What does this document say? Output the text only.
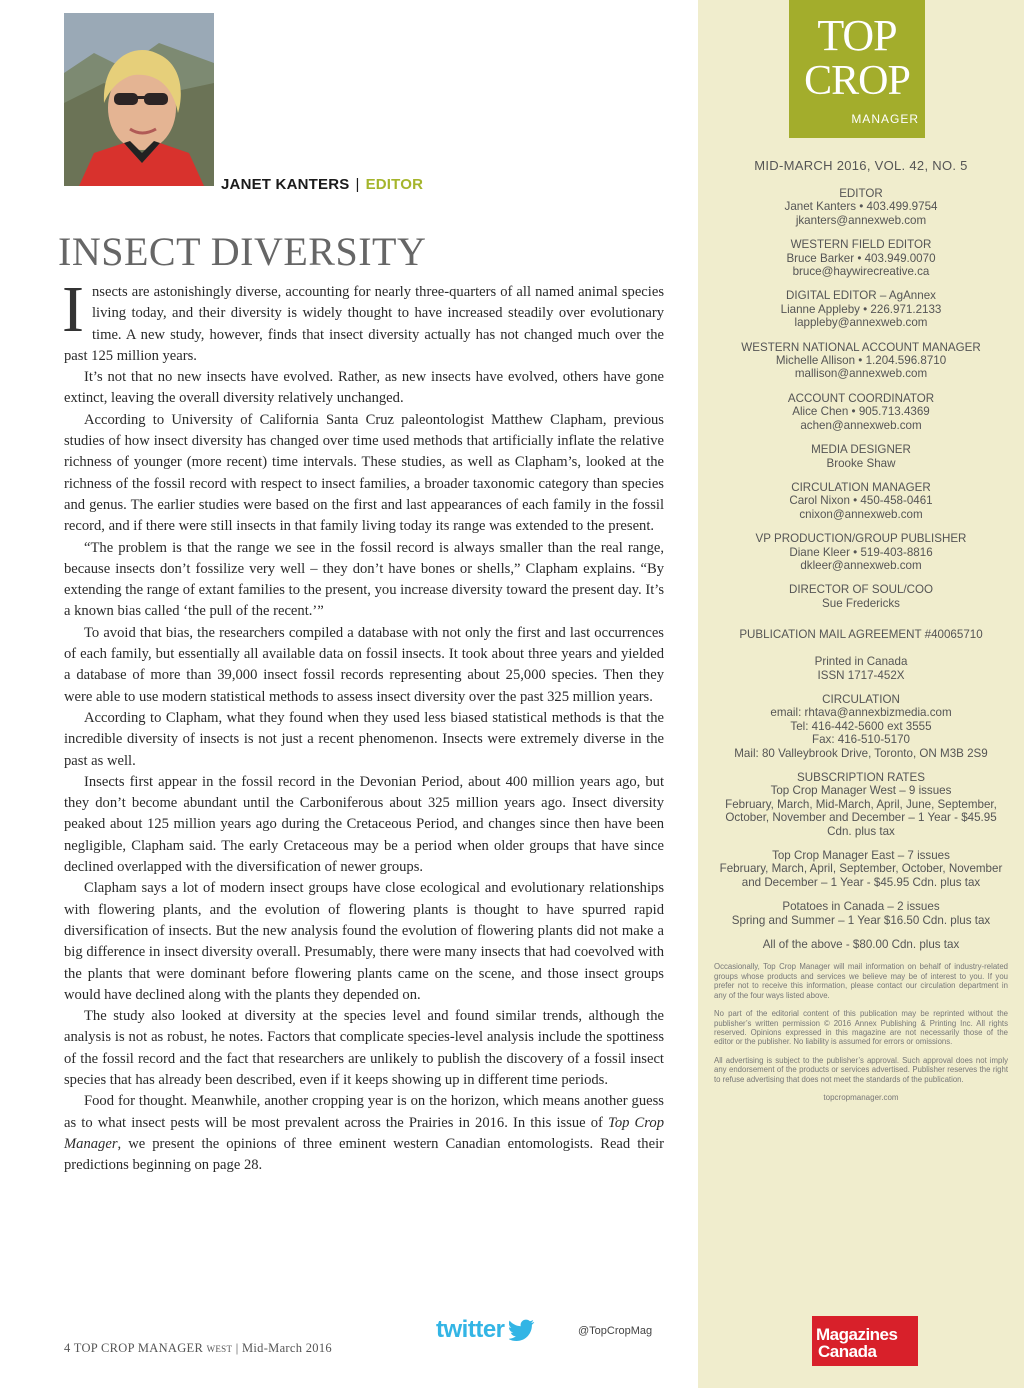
JANET KANTERS | EDITOR
INSECT DIVERSITY

Insects are astonishingly diverse, accounting for nearly three-quarters of all named animal species living today, and their diversity is widely thought to have increased steadily over evolutionary time. A new study, however, finds that insect diversity actually has not changed much over the past 125 million years.

It’s not that no new insects have evolved. Rather, as new insects have evolved, others have gone extinct, leaving the overall diversity relatively unchanged.

According to University of California Santa Cruz paleontologist Matthew Clapham, previous studies of how insect diversity has changed over time used methods that artificially inflate the relative richness of younger (more recent) time intervals. These studies, as well as Clapham’s, looked at the richness of the fossil record with respect to insect families, a broader taxonomic category than species and genus. The earlier studies were based on the first and last appearances of each family in the fossil record, and if there were still insects in that family living today its range was extended to the present.

“The problem is that the range we see in the fossil record is always smaller than the real range, because insects don’t fossilize very well – they don’t have bones or shells,” Clapham explains. “By extending the range of extant families to the present, you increase diversity toward the present day. It’s a known bias called ‘the pull of the recent.’”

To avoid that bias, the researchers compiled a database with not only the first and last occurrences of each family, but essentially all available data on fossil insects. It took about three years and yielded a database of more than 39,000 insect fossil records representing about 25,000 species. Then they were able to use modern statistical methods to assess insect diversity over the past 325 million years.

According to Clapham, what they found when they used less biased statistical methods is that the incredible diversity of insects is not just a recent phenomenon. Insects were extremely diverse in the past as well.

Insects first appear in the fossil record in the Devonian Period, about 400 million years ago, but they don’t become abundant until the Carboniferous about 325 million years ago. Insect diversity peaked about 125 million years ago during the Cretaceous Period, and changes since then have been negligible, Clapham said. The early Cretaceous may be a period when older groups that have since declined overlapped with the diversification of newer groups.

Clapham says a lot of modern insect groups have close ecological and evolutionary relationships with flowering plants, and the evolution of flowering plants is thought to have spurred rapid diversification of insects. But the new analysis found the evolution of flowering plants did not make a big difference in insect diversity overall. Presumably, there were many insects that had coevolved with the plants that were dominant before flowering plants came on the scene, and those insect groups would have declined along with the plants they depended on.

The study also looked at diversity at the species level and found similar trends, although the analysis is not as robust, he notes. Factors that complicate species-level analysis include the spottiness of the fossil record and the fact that researchers are unlikely to publish the discovery of a fossil insect species that has already been described, even if it keeps showing up in different time periods.

Food for thought. Meanwhile, another cropping year is on the horizon, which means another guess as to what insect pests will be most prevalent across the Prairies in 2016. In this issue of Top Crop Manager, we present the opinions of three eminent western Canadian entomologists. Read their predictions beginning on page 28.

twitter	@TopCropMag
4 TOP CROP MANAGER WEST | Mid-March 2016
TOP
CROP
MANAGER
MID-MARCH 2016, VOL. 42, NO. 5
EDITOR
Janet Kanters • 403.499.9754
jkanters@annexweb.com
WESTERN FIELD EDITOR
Bruce Barker • 403.949.0070
bruce@haywirecreative.ca
DIGITAL EDITOR – AgAnnex
Lianne Appleby • 226.971.2133
lappleby@annexweb.com
WESTERN NATIONAL ACCOUNT MANAGER
Michelle Allison • 1.204.596.8710
mallison@annexweb.com
ACCOUNT COORDINATOR
Alice Chen • 905.713.4369
achen@annexweb.com
MEDIA DESIGNER
Brooke Shaw
CIRCULATION MANAGER
Carol Nixon • 450-458-0461
cnixon@annexweb.com
VP PRODUCTION/GROUP PUBLISHER
Diane Kleer • 519-403-8816
dkleer@annexweb.com
DIRECTOR OF SOUL/COO
Sue Fredericks
PUBLICATION MAIL AGREEMENT #40065710
Printed in Canada
ISSN 1717-452X
CIRCULATION
email: rhtava@annexbizmedia.com
Tel: 416-442-5600 ext 3555
Fax: 416-510-5170
Mail: 80 Valleybrook Drive, Toronto, ON M3B 2S9
SUBSCRIPTION RATES
Top Crop Manager West – 9 issues
February, March, Mid-March, April, June, September,
October, November and December – 1 Year - $45.95
Cdn. plus tax
Top Crop Manager East – 7 issues
February, March, April, September, October, November
and December – 1 Year - $45.95 Cdn. plus tax
Potatoes in Canada – 2 issues
Spring and Summer – 1 Year $16.50 Cdn. plus tax
All of the above - $80.00 Cdn. plus tax

Occasionally, Top Crop Manager will mail information on behalf of industry-related groups whose products and services we believe may be of interest to you. If you prefer not to receive this information, please contact our circulation department in any of the four ways listed above.

No part of the editorial content of this publication may be reprinted without the publisher’s written permission © 2016 Annex Publishing & Printing Inc. All rights reserved. Opinions expressed in this magazine are not necessarily those of the editor or the publisher. No liability is assumed for errors or omissions.

All advertising is subject to the publisher’s approval. Such approval does not imply any endorsement of the products or services advertised. Publisher reserves the right to refuse advertising that does not meet the standards of the publication.

topcropmanager.com
Magazines
Canada
